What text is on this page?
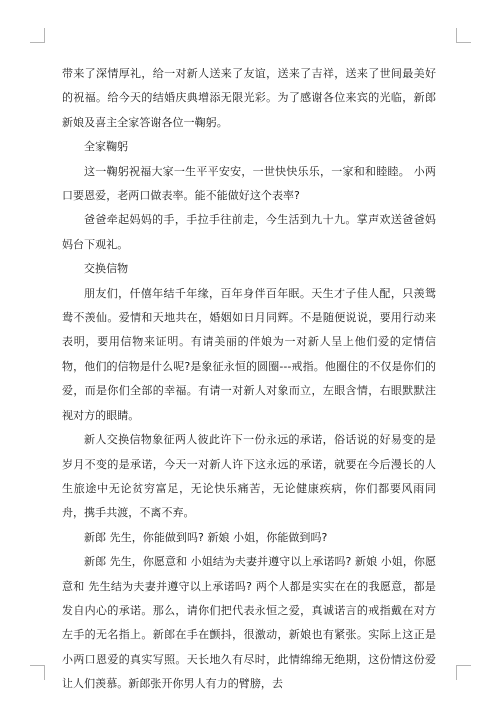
带来了深情厚礼，给一对新人送来了友谊，送来了吉祥，送来了世间最美好的祝福。给今天的结婚庆典增添无限光彩。为了感谢各位来宾的光临，新郎新娘及喜主全家答谢各位一鞠躬。

全家鞠躬

这一鞠躬祝福大家一生平平安安，一世快快乐乐，一家和和睦睦。 小两口要恩爱，老两口做表率。能不能做好这个表率?

爸爸牵起妈妈的手，手拉手往前走，今生活到九十九。掌声欢送爸爸妈妈台下观礼。

交换信物

朋友们，仟僖年结千年缘，百年身伴百年眠。天生才子佳人配，只羡鸳鸯不羡仙。爱情和天地共在，婚姻如日月同辉。不是随便说说，要用行动来表明，要用信物来证明。有请美丽的伴娘为一对新人呈上他们爱的定情信物，他们的信物是什么呢?是象征永恒的圆圈---戒指。他圈住的不仅是你们的爱，而是你们全部的幸福。有请一对新人对象而立，左眼含情，右眼默默注视对方的眼睛。

新人交换信物象征两人彼此许下一份永远的承诺，俗话说的好易变的是岁月不变的是承诺，今天一对新人许下这永远的承诺，就要在今后漫长的人生旅途中无论贫穷富足，无论快乐痛苦，无论健康疾病，你们都要风雨同舟，携手共渡，不离不弃。

新郎 先生，你能做到吗? 新娘 小姐，你能做到吗?

新郎 先生，你愿意和 小姐结为夫妻并遵守以上承诺吗? 新娘 小姐，你愿意和 先生结为夫妻并遵守以上承诺吗? 两个人都是实实在在的我愿意，都是发自内心的承诺。那么，请你们把代表永恒之爱，真诚诺言的戒指戴在对方左手的无名指上。新郎在手在颤抖，很激动，新娘也有紧张。实际上这正是小两口恩爱的真实写照。天长地久有尽时，此情绵绵无绝期，这份情这份爱让人们羡慕。新郎张开你男人有力的臂膀，去
